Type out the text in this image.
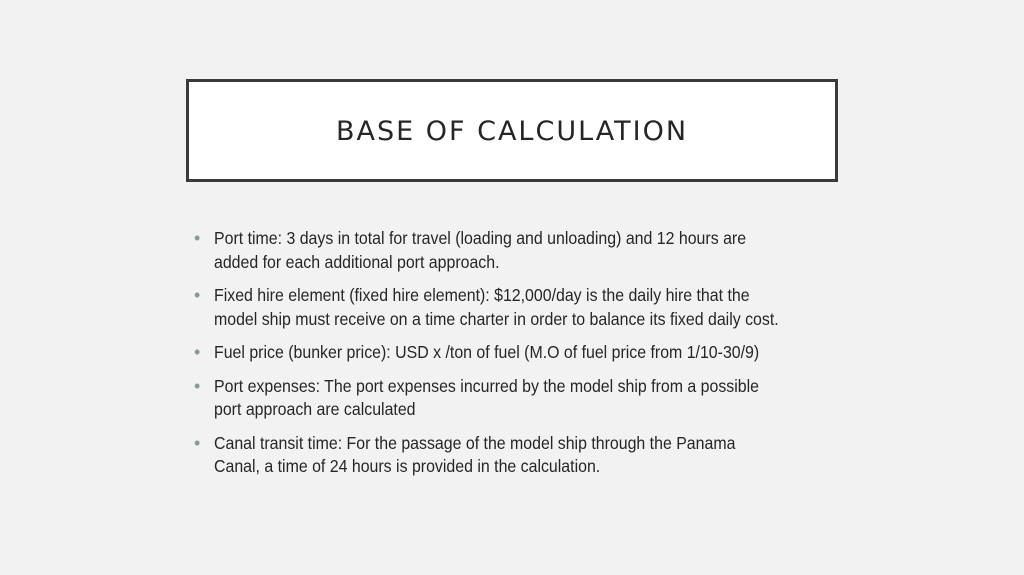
BASE OF CALCULATION
• Port time: 3 days in total for travel (loading and unloading) and 12 hours are added for each additional port approach.
• Fixed hire element (fixed hire element): $12,000/day is the daily hire that the model ship must receive on a time charter in order to balance its fixed daily cost.
• Fuel price (bunker price): USD x /ton of fuel (M.O of fuel price from 1/10-30/9)
• Port expenses: The port expenses incurred by the model ship from a possible port approach are calculated
• Canal transit time: For the passage of the model ship through the Panama Canal, a time of 24 hours is provided in the calculation.
